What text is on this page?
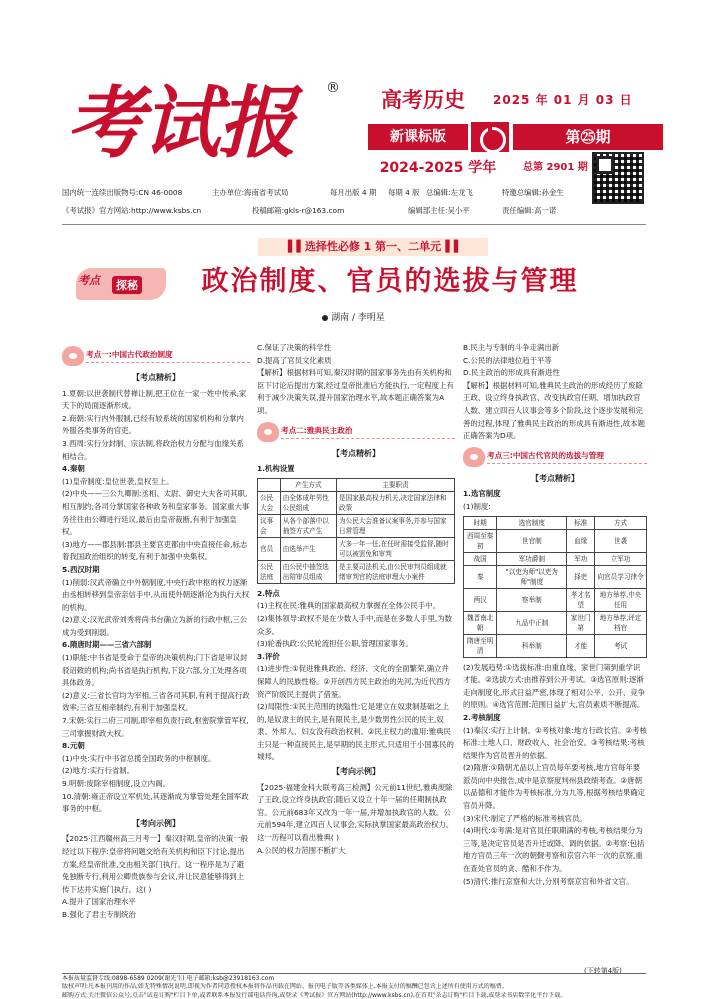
考试报 ®	高考历史	2025 年 01 月 03 日
新课标版	第㉕期
2024-2025 学年	总第 2901 期
国内统一连续出版物号:CN 46-0008	主办单位:海南省考试局	每月出版 4 期 每期 4 版 总编辑:左龙飞	特邀总编辑:孙金生
《考试报》官方网站:http://www.ksbs.cn	投稿邮箱:gkls-r@163.com	编辑部主任:吴小平	责任编辑:高一诺
▌▌选择性必修 1 第一、二单元▐▐
考点	探秘	政治制度、官员的选拔与管理
湖南 / 李明星
考点一:中国古代政治制度
【 考点精析 】

1.夏朝:以世袭制代替禅让制,把王位在一家一姓中传承,家天下的局面逐渐形成。

2.商朝:实行内外服制,已经有较系统的国家机构和分掌内外服各类事务的官吏。

3.西周:实行分封制、宗法制,将政治权力分配与血缘关系相结合。

4.秦朝

(1)皇帝制度:皇位世袭,皇权至上。

(2)中央——三公九卿制:丞相、太尉、御史大夫各司其职,相互制约;各司分掌国家各种政务和皇家事务。国家重大事务往往由公卿进行廷议,最后由皇帝裁断,有利于加强皇权。

(3)地方——郡县制:郡县主要官吏都由中央直接任命,标志着我国政治组织的转变,有利于加强中央集权。

5.西汉时期

(1)削弱:汉武帝确立中外朝制度,中央行政中枢的权力逐渐由丞相转移到皇帝亲信手中,从而使外朝逐渐沦为执行大权的机构。

(2)意义:汉光武帝刘秀将尚书台确立为新的行政中枢,三公成为受到削弱。

6.隋唐时期——三省六部制

(1)职能:中书省是受命于皇帝的决策机构;门下省是审议封驳诏敕的机构;尚书省是执行机构,下设六部,分工处理各项具体政务。

(2)意义:三省长官均为宰相,三省各司其职,有利于提高行政效率;三省互相牵制约,有利于加强皇权。

7.宋朝:实行二府三司制,即宰相负责行政,枢密院掌管军权,三司掌握财政大权。

8.元朝

(1)中央:实行中书省总揽全国政务的中枢制度。

(2)地方:实行行省制。

9.明朝:废除宰相制度,设立内阁。

10.清朝:雍正帝设立军机处,其逐渐成为掌管处理全国军政事务的中枢。

【 考向示例 】

【2025·江西赣州高三月考一】秦汉时期,皇帝的决策一般经过以下程序:皇帝将问题交给有关机构和臣下讨论,提出方案,经皇帝批准,交由相关部门执行。这一程序是为了避免独断专行,利用公卿贵族参与会议,并让民意能够得到上传下达并实施门执行。这( )

A.提升了国家治理水平

B.强化了君主专制统治

C.保证了决策的科学性

D.提高了官员文化素质

【解析】根据材料可知,秦汉时期的国家事务先由有关机构和臣下讨论后提出方案,经过皇帝批准后方能执行,一定程度上有利于减少决策失误,提升国家治理水平,故本题正确答案为A项。

考点二:雅典民主政治
【 考点精析 】

1.机构设置

	产生方式	主要职责
公民大会	由全体成年男性公民组成	是国家最高权力机关,决定国家法律和政策
议事会	从各个部落中以抽签方式产生	为公民大会准备议案事务,并参与国家日常管理
官员	由选举产生	大多一年一任,在任时需接受监督,随时可以被罢免和审判
公民法庭	由公民中抽签选出陪审员组成	是主要司法机关,由公民审判员组成就绪审判官的法庭审理大小案件

2.特点

(1)主权在民:雅典的国家最高权力掌握在全体公民手中。

(2)集体领导:政权不是在少数人手中,而是在多数人手里,为数众多。

(3)轮番执政:公民轮流担任公职,管理国家事务。

3.评价

(1)进步性:①促进雅典政治、经济、文化的全面繁荣,确立并保障人的民族性格。②开创西方民主政治的先河,为近代西方资产阶级民主提供了借鉴。

(2)局限性:①民主范围的狭隘性:它是建立在奴隶制基础之上的,是奴隶主的民主,是有限民主,是少数男性公民的民主,奴隶、外邦人、妇女没有政治权利。②民主权力的滥用:雅典民主只是一种直接民主,是早期的民主形式,只适用于小国寡民的城邦。

【 考向示例 】

【2025·福建金科大联考高三检测】公元前11世纪,雅典废除了王政,设立终身执政官;随后又设立十年一届的任期制执政官。公元前683年又改为一年一届,并增加执政官的人数。公元前594年,建立四百人议事会,实际执掌国家最高政治权力。这一历程可以看出雅典( )

A.公民的权力范围不断扩大

B.民主与专制的斗争走满出新

C.公民的法律地位趋于平等

D.民主政治的形成具有渐进性

【解析】根据材料可知,雅典民主政治的形成经历了废除王政、设立终身执政官、改变执政官任期、增加执政官人数、建立四百人议事会等多个阶段,这个逐步发展和完善的过程,体现了雅典民主政治的形成具有渐进性,故本题正确答案为D项。

考点三:中国古代官员的选拔与管理
【 考点精析 】

1.选官制度

(1)制度:

时期	选官制度	标准	方式
西周至秦初	世官制	血缘	世袭
战国	军功爵制	军功	立军功
秦	"以吏为师"以吏为师"制度	择吏	向官员学习律令
两汉	察举制	孝才名望	地方举荐,中央任用
魏晋南北朝	九品中正制	家世门第	地方举荐,评定档官
隋唐至明清	科举制	才能	考试

(2)发展趋势:①选拔标准:由重血缘、家世门第到重学识才能。②选拔方式:由推荐到公开考试。③选官原则:逐渐走向制度化,形式日益严密,体现了相对公平、公开、竞争的原则。④选官范围:范围日益扩大,官员素质不断提高。

2.考核制度

(1)秦汉:实行上计制。①考核对象:地方行政长官。②考核标准:土地人口、财政收入、社会治安。③考核结果:考核结果作为官员晋升的依据。

(2)隋唐:①隋朝尤品以上官员每年要考核,地方官每年要派员向中央报告,成中是京察度判州县政绩考查。②唐朝以品德和才能作为考核标准,分为九等,根据考核结果确定官员升降。

(3)宋代:制定了严格的标准考核官员。

(4)明代:①考满:是对官员任职期满的考核,考核结果分为三等,是决定官员是否升迁或降、调的依据。②考察:包括地方官员三年一次的朝觐考察和京官六年一次的京察,重在查处官员的贪、酷和不作为。

(5)清代:推行京察和大计,分别考察京官和外省文官。

(下转第4版)
本报质量监督专线:0898-6589 0209(谢先生) 电子邮箱:ksb@23918163.com
版权声明:凡本报刊用的作品,如无特殊情况说明,即视为作者同意授权本报将作品刊载在网站、报刊电子版等各类媒体上,本报支付的稿酬已包含上述所有使用方式的稿费。
邮购方式:关注微信公众号,点击"试卷订购"栏目下单,或者联系本报发行部电话咨询,或登录《考试报》官方网站(http://www.ksbs.cn),在首页"杂志订购"栏目下载,或登录书店数字化平台下载。
